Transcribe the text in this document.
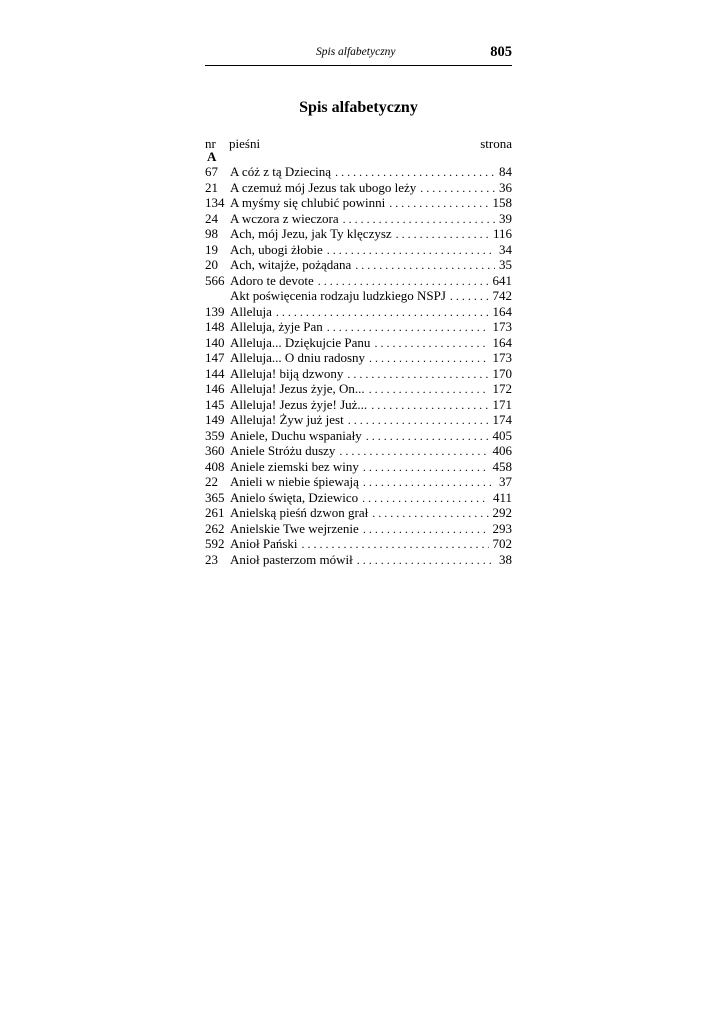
Spis alfabetyczny	805
Spis alfabetyczny
nr pieśni	strona
A
67 A cóż z tą Dzieciną . . .	84
21 A czemuż mój Jezus tak ubogo leży . . .	36
134 A myśmy się chlubić powinni . . .	158
24 A wczora z wieczora . . .	39
98 Ach, mój Jezu, jak Ty klęczysz . . .	116
19 Ach, ubogi żłobie . . .	34
20 Ach, witajże, pożądana . . .	35
566 Adoro te devote . . .	641
Akt poświęcenia rodzaju ludzkiego NSPJ . . .	742
139 Alleluja . . .	164
148 Alleluja, żyje Pan . . .	173
140 Alleluja... Dziękujcie Panu . . .	164
147 Alleluja... O dniu radosny . . .	173
144 Alleluja! biją dzwony . . .	170
146 Alleluja! Jezus żyje, On... . . .	172
145 Alleluja! Jezus żyje! Już... . . .	171
149 Alleluja! Żyw już jest . . .	174
359 Aniele, Duchu wspaniały . . .	405
360 Aniele Stróżu duszy . . .	406
408 Aniele ziemski bez winy . . .	458
22 Anieli w niebie śpiewają . . .	37
365 Anielo święta, Dziewico . . .	411
261 Anielską pieśń dzwon grał . . .	292
262 Anielskie Twe wejrzenie . . .	293
592 Anioł Pański . . .	702
23 Anioł pasterzom mówił . . .	38
